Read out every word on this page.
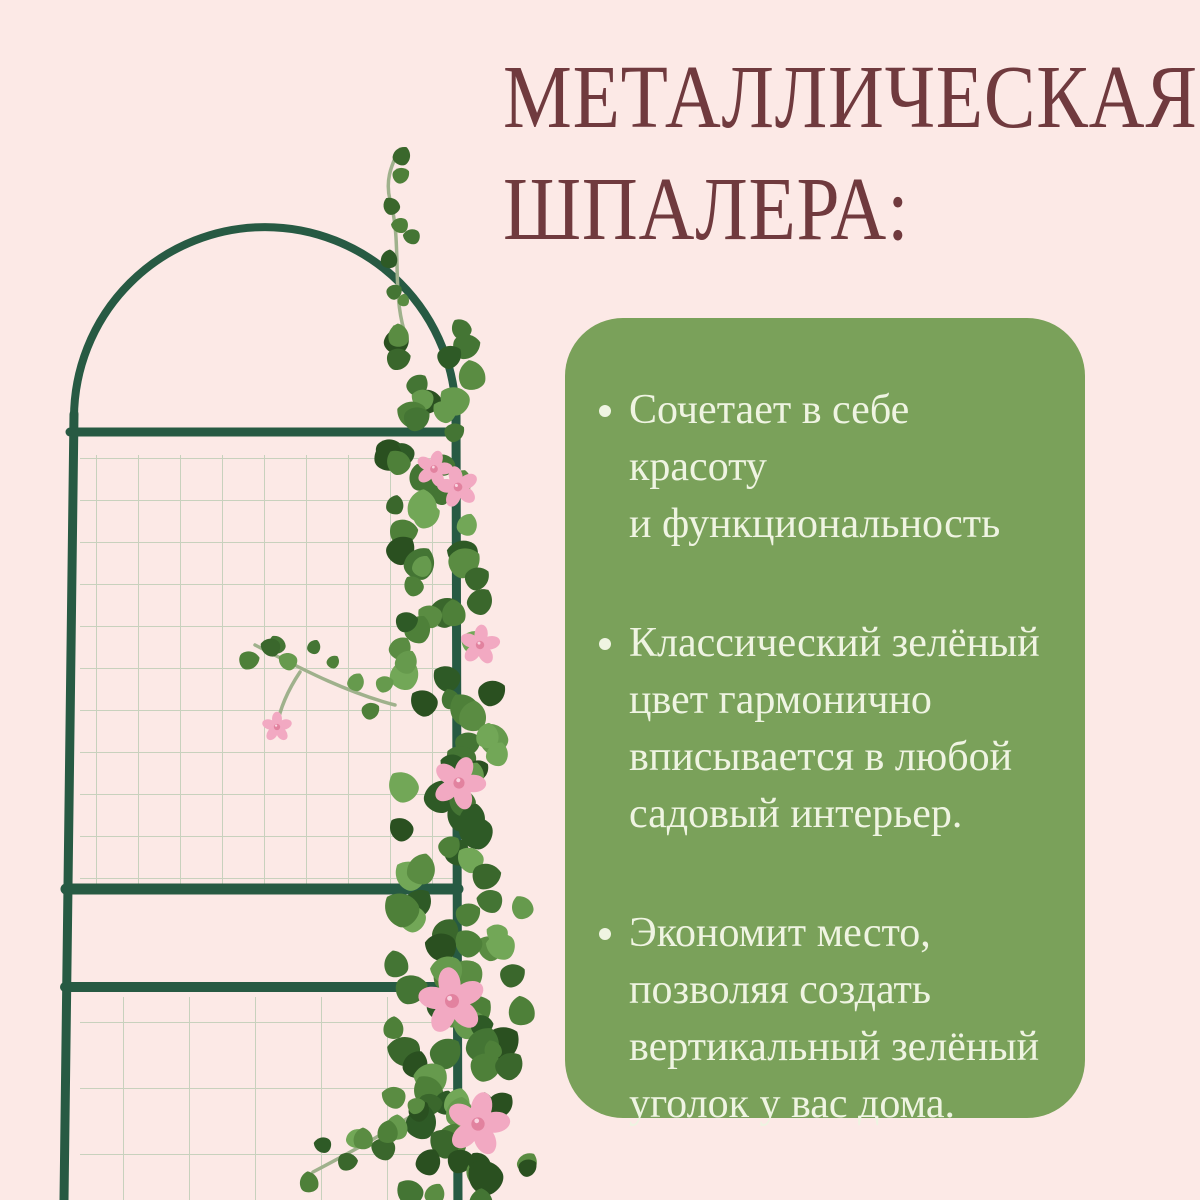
МЕТАЛЛИЧЕСКАЯ
ШПАЛЕРА:
Сочетает в себе красоту
и функциональность
Классический зелёный
цвет гармонично
вписывается в любой
садовый интерьер.
Экономит место,
позволяя создать
вертикальный зелёный
уголок у вас дома.
